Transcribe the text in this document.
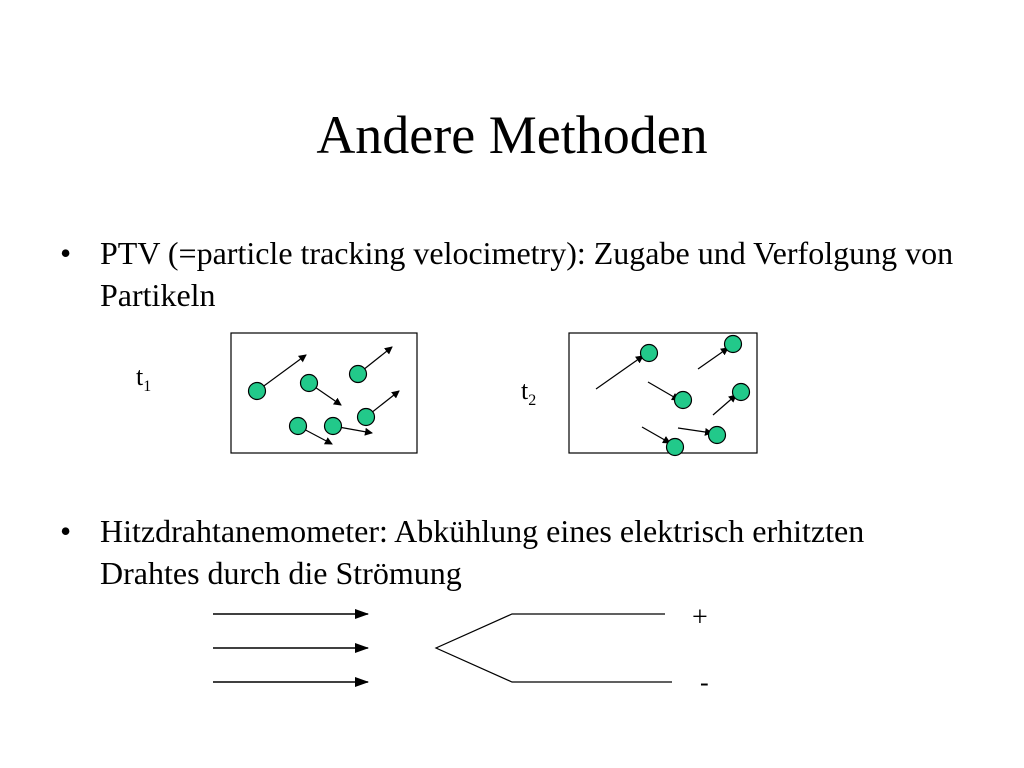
Andere Methoden
• PTV (=particle tracking velocimetry): Zugabe und Verfolgung von Partikeln
$t_1$	$t_2$
+
-
• Hitzdrahtanemometer: Abkühlung eines elektrisch erhitzten Drahtes durch die Strömung
